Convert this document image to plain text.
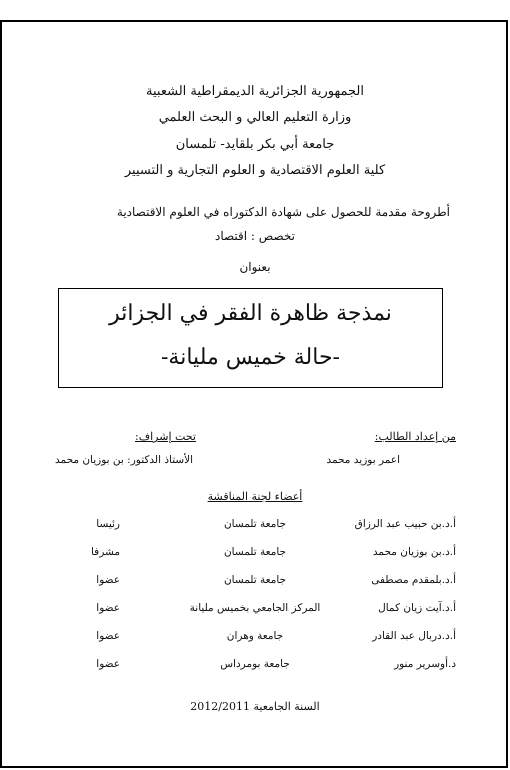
الجمهورية الجزائرية الديمقراطية الشعبية
وزارة التعليم العالي و البحث العلمي
جامعة أبي بكر بلقايد- تلمسان
كلية العلوم الاقتصادية و العلوم التجارية و التسيير
أطروحة مقدمة للحصول على شهادة الدكتوراه في العلوم الاقتصادية
تخصص : اقتصاد
بعنوان
نمذجة ظاهرة الفقر في الجزائر
-حالة خميس مليانة-
من إعداد الطالب:
اعمر بوزيد محمد
تحت إشراف:
الأستاذ الدكتور: بن بوزيان محمد
أعضاء لجنة المناقشة
أ.د.بن حبيب عبد الرزاق
جامعة تلمسان
رئيسا
أ.د.بن بوزيان محمد
جامعة تلمسان
مشرفا
أ.د.بلمقدم مصطفى
جامعة تلمسان
عضوا
أ.د.آيت زيان كمال
المركز الجامعي بخميس مليانة
عضوا
أ.د.دربال عبد القادر
جامعة وهران
عضوا
د.أوسرير منور
جامعة بومرداس
عضوا
السنة الجامعية 2012/2011
